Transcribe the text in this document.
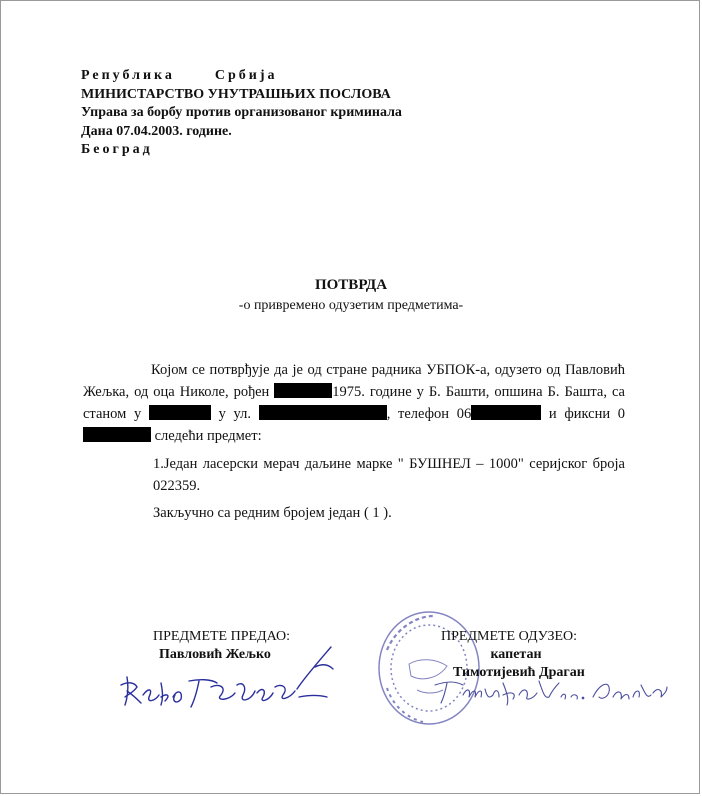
Република	Србија
МИНИСТАРСТВО УНУТРАШЊИХ ПОСЛОВА
Управа за борбу против организованог криминала
Дана 07.04.2003. године.
Београд
ПОТВРДА
-о привремено одузетим предметима-
Којом се потврђује да је од стране радника УБПОК-а, одузето од Павловић Жељка, од оца Николе, рођен	1975. године у Б. Башти, опшина Б. Башта, са станом у	у ул.	, телефон 06	и фиксни 0 следећи предмет:
1.Један ласерски мерач даљине марке " БУШНЕЛ – 1000" серијског броја 022359.
Закључно са редним бројем један ( 1 ).
ПРЕДМЕТЕ ПРЕДАО:
Павловић Жељко
ПРЕДМЕТЕ ОДУЗЕО:
капетан
Тимотијевић Драган
